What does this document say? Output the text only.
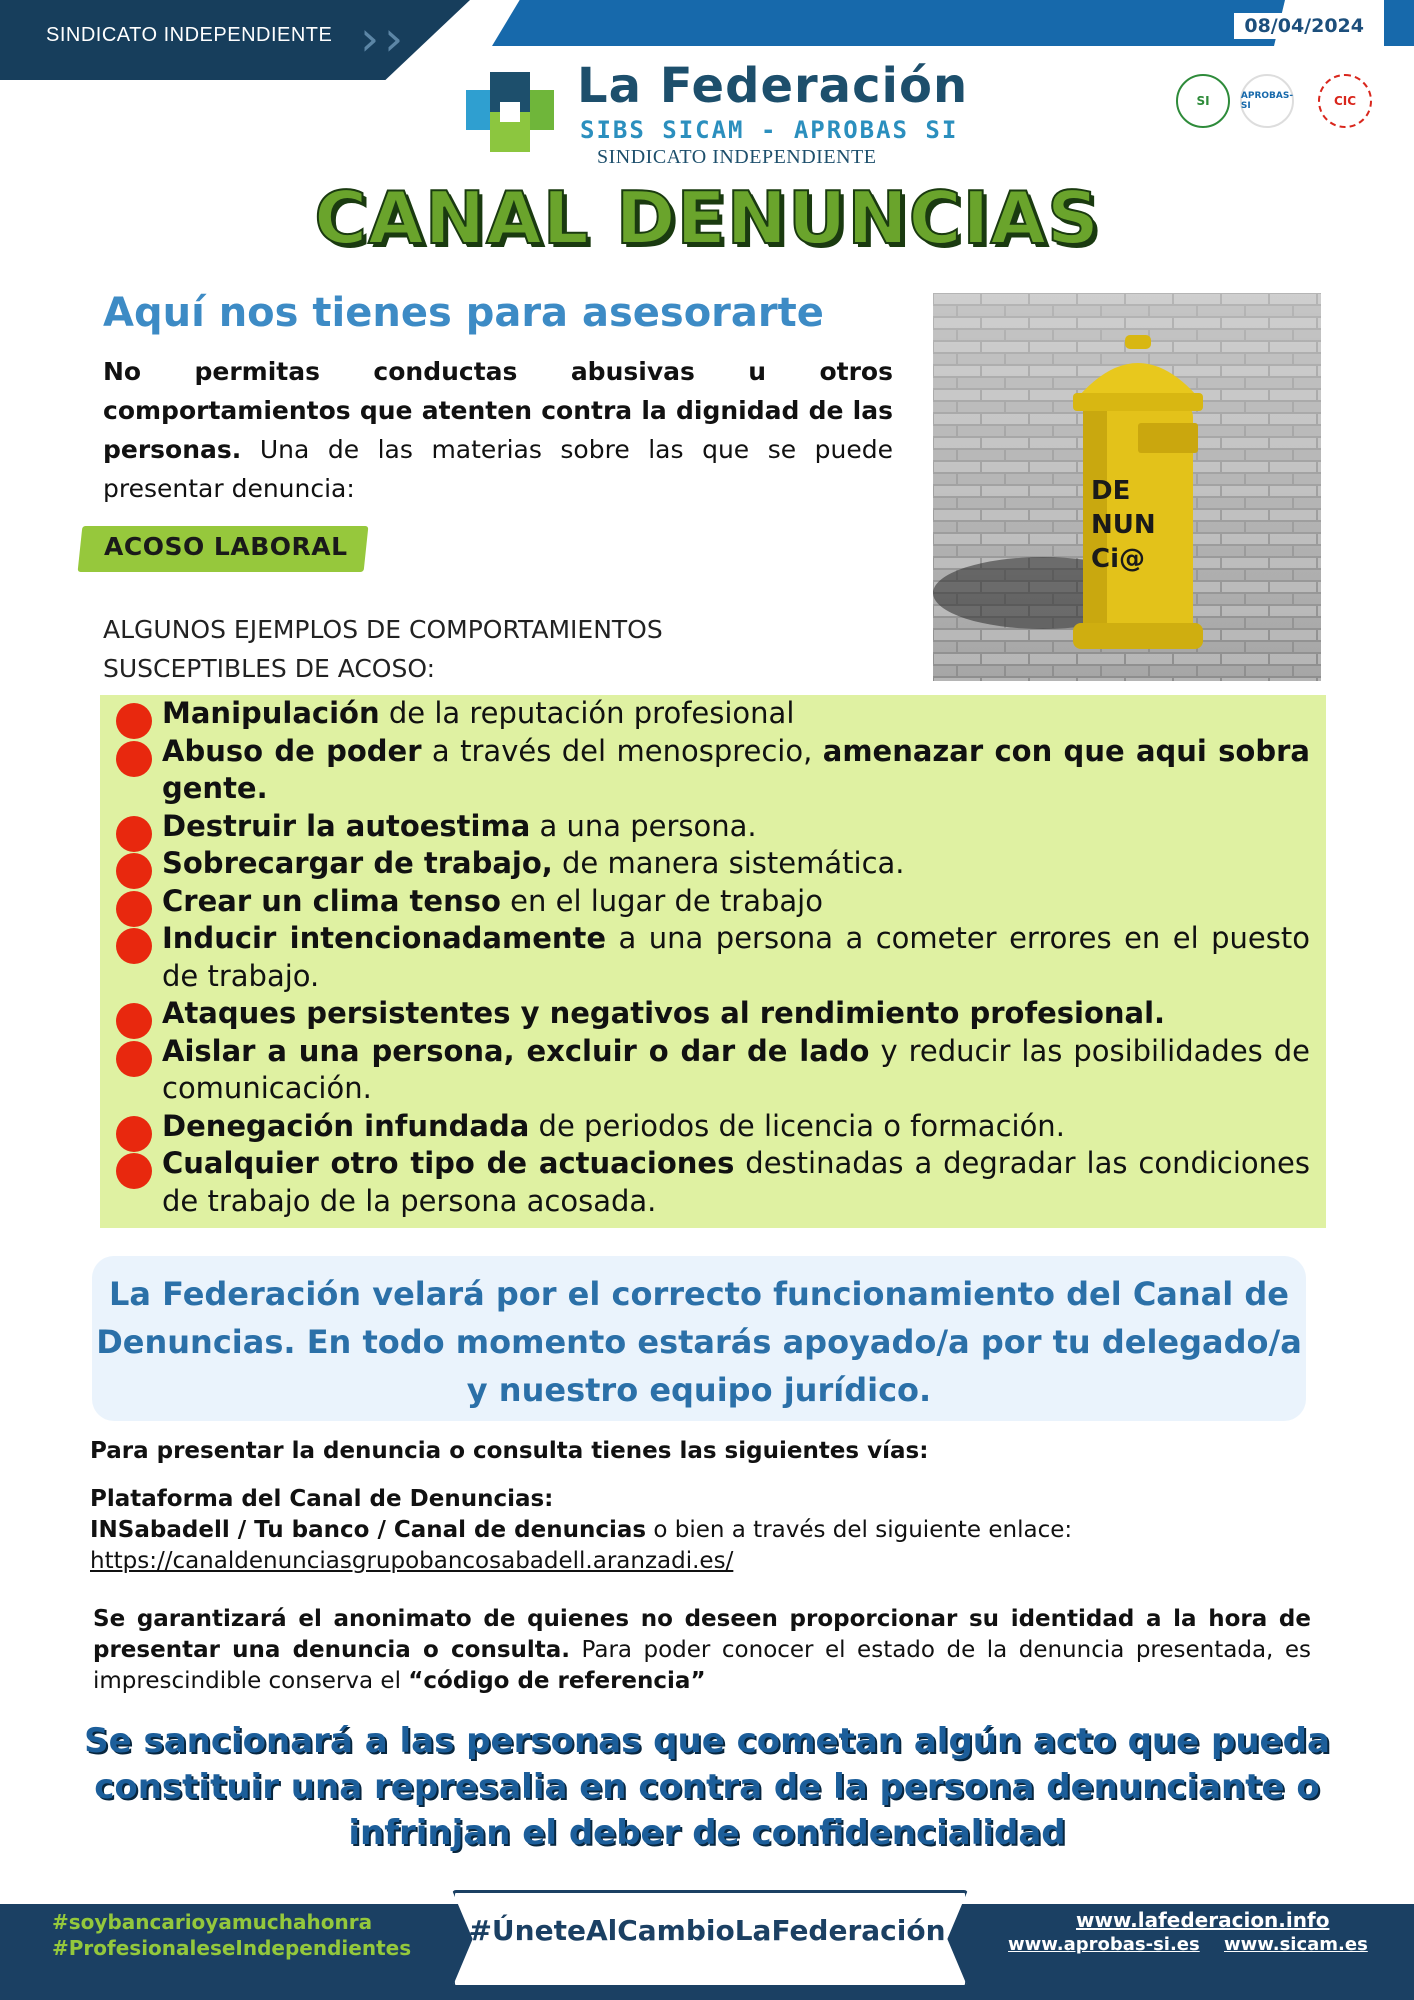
SINDICATO INDEPENDIENTE › ›	08/04/2024
La Federación
SIBS SICAM - APROBAS SI
SINDICATO INDEPENDIENTE
SI	APROBAS-SI	CIC
CANAL DENUNCIAS
Aquí nos tienes para asesorarte
No permitas conductas abusivas u otros comportamientos que atenten contra la dignidad de las personas. Una de las materias sobre las que se puede presentar denuncia:
ACOSO LABORAL
ALGUNOS EJEMPLOS DE COMPORTAMIENTOS SUSCEPTIBLES DE ACOSO:
DE
NUN
Ci@
Manipulación de la reputación profesional
Abuso de poder a través del menosprecio, amenazar con que aqui sobra gente.
Destruir la autoestima a una persona.
Sobrecargar de trabajo, de manera sistemática.
Crear un clima tenso en el lugar de trabajo
Inducir intencionadamente a una persona a cometer errores en el puesto de trabajo.
Ataques persistentes y negativos al rendimiento profesional.
Aislar a una persona, excluir o dar de lado y reducir las posibilidades de comunicación.
Denegación infundada de periodos de licencia o formación.
Cualquier otro tipo de actuaciones destinadas a degradar las condiciones de trabajo de la persona acosada.
La Federación velará por el correcto funcionamiento del Canal de Denuncias. En todo momento estarás apoyado/a por tu delegado/a y nuestro equipo jurídico.
Para presentar la denuncia o consulta tienes las siguientes vías:
Plataforma del Canal de Denuncias:
INSabadell / Tu banco / Canal de denuncias o bien a través del siguiente enlace:
https://canaldenunciasgrupobancosabadell.aranzadi.es/
Se garantizará el anonimato de quienes no deseen proporcionar su identidad a la hora de presentar una denuncia o consulta. Para poder conocer el estado de la denuncia presentada, es imprescindible conserva el “código de referencia”
Se sancionará a las personas que cometan algún acto que pueda constituir una represalia en contra de la persona denunciante o infrinjan el deber de confidencialidad
#soybancarioyamuchahonra
#ProfesionaleseIndependientes
#ÚneteAlCambioLaFederación	www.lafederacion.info
www.aprobas-si.es www.sicam.es
